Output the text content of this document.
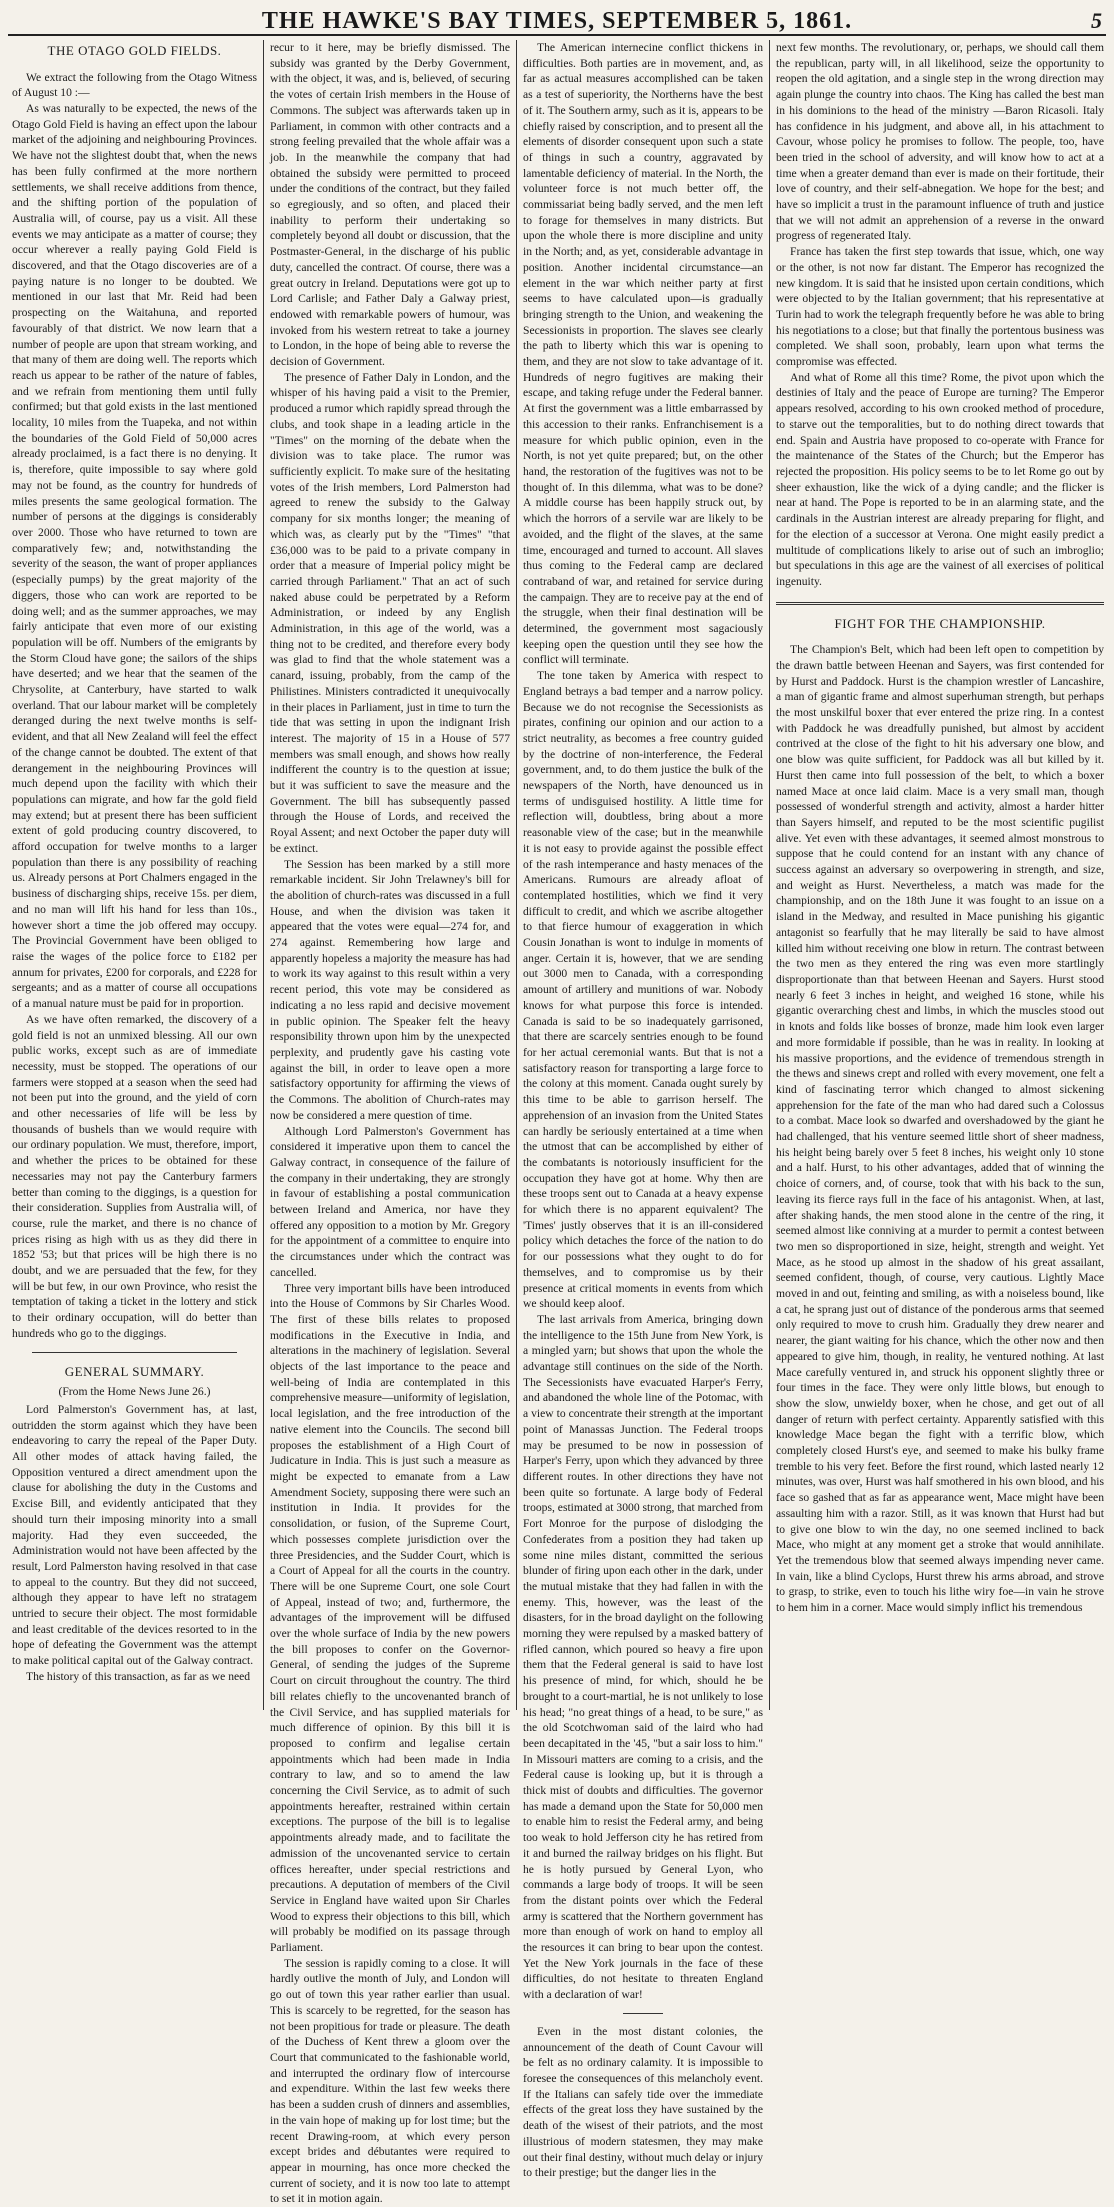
THE HAWKE'S BAY TIMES, SEPTEMBER 5, 1861.	5
THE OTAGO GOLD FIELDS.

We extract the following from the Otago Witness of August 10 :—

As was naturally to be expected, the news of the Otago Gold Field is having an effect upon the labour market of the adjoining and neighbouring Provinces. We have not the slightest doubt that, when the news has been fully confirmed at the more northern settlements, we shall receive additions from thence, and the shifting portion of the population of Australia will, of course, pay us a visit. All these events we may anticipate as a matter of course; they occur wherever a really paying Gold Field is discovered, and that the Otago discoveries are of a paying nature is no longer to be doubted. We mentioned in our last that Mr. Reid had been prospecting on the Waitahuna, and reported favourably of that district. We now learn that a number of people are upon that stream working, and that many of them are doing well. The reports which reach us appear to be rather of the nature of fables, and we refrain from mentioning them until fully confirmed; but that gold exists in the last mentioned locality, 10 miles from the Tuapeka, and not within the boundaries of the Gold Field of 50,000 acres already proclaimed, is a fact there is no denying. It is, therefore, quite impossible to say where gold may not be found, as the country for hundreds of miles presents the same geological formation. The number of persons at the diggings is considerably over 2000. Those who have returned to town are comparatively few; and, notwithstanding the severity of the season, the want of proper appliances (especially pumps) by the great majority of the diggers, those who can work are reported to be doing well; and as the summer approaches, we may fairly anticipate that even more of our existing population will be off. Numbers of the emigrants by the Storm Cloud have gone; the sailors of the ships have deserted; and we hear that the seamen of the Chrysolite, at Canterbury, have started to walk overland. That our labour market will be completely deranged during the next twelve months is self-evident, and that all New Zealand will feel the effect of the change cannot be doubted. The extent of that derangement in the neighbouring Provinces will much depend upon the facility with which their populations can migrate, and how far the gold field may extend; but at present there has been sufficient extent of gold producing country discovered, to afford occupation for twelve months to a larger population than there is any possibility of reaching us. Already persons at Port Chalmers engaged in the business of discharging ships, receive 15s. per diem, and no man will lift his hand for less than 10s., however short a time the job offered may occupy. The Provincial Government have been obliged to raise the wages of the police force to £182 per annum for privates, £200 for corporals, and £228 for sergeants; and as a matter of course all occupations of a manual nature must be paid for in proportion.

As we have often remarked, the discovery of a gold field is not an unmixed blessing. All our own public works, except such as are of immediate necessity, must be stopped. The operations of our farmers were stopped at a season when the seed had not been put into the ground, and the yield of corn and other necessaries of life will be less by thousands of bushels than we would require with our ordinary population. We must, therefore, import, and whether the prices to be obtained for these necessaries may not pay the Canterbury farmers better than coming to the diggings, is a question for their consideration. Supplies from Australia will, of course, rule the market, and there is no chance of prices rising as high with us as they did there in 1852 '53; but that prices will be high there is no doubt, and we are persuaded that the few, for they will be but few, in our own Province, who resist the temptation of taking a ticket in the lottery and stick to their ordinary occupation, will do better than hundreds who go to the diggings.

GENERAL SUMMARY.
(From the Home News June 26.)

Lord Palmerston's Government has, at last, outridden the storm against which they have been endeavoring to carry the repeal of the Paper Duty. All other modes of attack having failed, the Opposition ventured a direct amendment upon the clause for abolishing the duty in the Customs and Excise Bill, and evidently anticipated that they should turn their imposing minority into a small majority. Had they even succeeded, the Administration would not have been affected by the result, Lord Palmerston having resolved in that case to appeal to the country. But they did not succeed, although they appear to have left no stratagem untried to secure their object. The most formidable and least creditable of the devices resorted to in the hope of defeating the Government was the attempt to make political capital out of the Galway contract.

The history of this transaction, as far as we need

recur to it here, may be briefly dismissed. The subsidy was granted by the Derby Government, with the object, it was, and is, believed, of securing the votes of certain Irish members in the House of Commons. The subject was afterwards taken up in Parliament, in common with other contracts and a strong feeling prevailed that the whole affair was a job. In the meanwhile the company that had obtained the subsidy were permitted to proceed under the conditions of the contract, but they failed so egregiously, and so often, and placed their inability to perform their undertaking so completely beyond all doubt or discussion, that the Postmaster-General, in the discharge of his public duty, cancelled the contract. Of course, there was a great outcry in Ireland. Deputations were got up to Lord Carlisle; and Father Daly a Galway priest, endowed with remarkable powers of humour, was invoked from his western retreat to take a journey to London, in the hope of being able to reverse the decision of Government.

The presence of Father Daly in London, and the whisper of his having paid a visit to the Premier, produced a rumor which rapidly spread through the clubs, and took shape in a leading article in the "Times" on the morning of the debate when the division was to take place. The rumor was sufficiently explicit. To make sure of the hesitating votes of the Irish members, Lord Palmerston had agreed to renew the subsidy to the Galway company for six months longer; the meaning of which was, as clearly put by the "Times" "that £36,000 was to be paid to a private company in order that a measure of Imperial policy might be carried through Parliament." That an act of such naked abuse could be perpetrated by a Reform Administration, or indeed by any English Administration, in this age of the world, was a thing not to be credited, and therefore every body was glad to find that the whole statement was a canard, issuing, probably, from the camp of the Philistines. Ministers contradicted it unequivocally in their places in Parliament, just in time to turn the tide that was setting in upon the indignant Irish interest. The majority of 15 in a House of 577 members was small enough, and shows how really indifferent the country is to the question at issue; but it was sufficient to save the measure and the Government. The bill has subsequently passed through the House of Lords, and received the Royal Assent; and next October the paper duty will be extinct.

The Session has been marked by a still more remarkable incident. Sir John Trelawney's bill for the abolition of church-rates was discussed in a full House, and when the division was taken it appeared that the votes were equal—274 for, and 274 against. Remembering how large and apparently hopeless a majority the measure has had to work its way against to this result within a very recent period, this vote may be considered as indicating a no less rapid and decisive movement in public opinion. The Speaker felt the heavy responsibility thrown upon him by the unexpected perplexity, and prudently gave his casting vote against the bill, in order to leave open a more satisfactory opportunity for affirming the views of the Commons. The abolition of Church-rates may now be considered a mere question of time.

Although Lord Palmerston's Government has considered it imperative upon them to cancel the Galway contract, in consequence of the failure of the company in their undertaking, they are strongly in favour of establishing a postal communication between Ireland and America, nor have they offered any opposition to a motion by Mr. Gregory for the appointment of a committee to enquire into the circumstances under which the contract was cancelled.

Three very important bills have been introduced into the House of Commons by Sir Charles Wood. The first of these bills relates to proposed modifications in the Executive in India, and alterations in the machinery of legislation. Several objects of the last importance to the peace and well-being of India are contemplated in this comprehensive measure—uniformity of legislation, local legislation, and the free introduction of the native element into the Councils. The second bill proposes the establishment of a High Court of Judicature in India. This is just such a measure as might be expected to emanate from a Law Amendment Society, supposing there were such an institution in India. It provides for the consolidation, or fusion, of the Supreme Court, which possesses complete jurisdiction over the three Presidencies, and the Sudder Court, which is a Court of Appeal for all the courts in the country. There will be one Supreme Court, one sole Court of Appeal, instead of two; and, furthermore, the advantages of the improvement will be diffused over the whole surface of India by the new powers the bill proposes to confer on the Governor-General, of sending the judges of the Supreme Court on circuit throughout the country. The third bill relates chiefly to the uncovenanted branch of the Civil Service, and has supplied materials for much difference of opinion. By this bill it is proposed to confirm and legalise certain appointments which had been made in India contrary to law, and so to amend the law concerning the Civil Service, as to admit of such appointments hereafter, restrained within certain exceptions. The purpose of the bill is to legalise appointments already made, and to facilitate the admission of the uncovenanted service to certain offices hereafter, under special restrictions and precautions. A deputation of members of the Civil Service in England have waited upon Sir Charles Wood to express their objections to this bill, which will probably be modified on its passage through Parliament.

The session is rapidly coming to a close. It will hardly outlive the month of July, and London will go out of town this year rather earlier than usual. This is scarcely to be regretted, for the season has not been propitious for trade or pleasure. The death of the Duchess of Kent threw a gloom over the Court that communicated to the fashionable world, and interrupted the ordinary flow of intercourse and expenditure. Within the last few weeks there has been a sudden crush of dinners and assemblies, in the vain hope of making up for lost time; but the recent Drawing-room, at which every person except brides and débutantes were required to appear in mourning, has once more checked the current of society, and it is now too late to attempt to set it in motion again.

The American internecine conflict thickens in difficulties. Both parties are in movement, and, as far as actual measures accomplished can be taken as a test of superiority, the Northerns have the best of it. The Southern army, such as it is, appears to be chiefly raised by conscription, and to present all the elements of disorder consequent upon such a state of things in such a country, aggravated by lamentable deficiency of material. In the North, the volunteer force is not much better off, the commissariat being badly served, and the men left to forage for themselves in many districts. But upon the whole there is more discipline and unity in the North; and, as yet, considerable advantage in position. Another incidental circumstance—an element in the war which neither party at first seems to have calculated upon—is gradually bringing strength to the Union, and weakening the Secessionists in proportion. The slaves see clearly the path to liberty which this war is opening to them, and they are not slow to take advantage of it. Hundreds of negro fugitives are making their escape, and taking refuge under the Federal banner. At first the government was a little embarrassed by this accession to their ranks. Enfranchisement is a measure for which public opinion, even in the North, is not yet quite prepared; but, on the other hand, the restoration of the fugitives was not to be thought of. In this dilemma, what was to be done? A middle course has been happily struck out, by which the horrors of a servile war are likely to be avoided, and the flight of the slaves, at the same time, encouraged and turned to account. All slaves thus coming to the Federal camp are declared contraband of war, and retained for service during the campaign. They are to receive pay at the end of the struggle, when their final destination will be determined, the government most sagaciously keeping open the question until they see how the conflict will terminate.

The tone taken by America with respect to England betrays a bad temper and a narrow policy. Because we do not recognise the Secessionists as pirates, confining our opinion and our action to a strict neutrality, as becomes a free country guided by the doctrine of non-interference, the Federal government, and, to do them justice the bulk of the newspapers of the North, have denounced us in terms of undisguised hostility. A little time for reflection will, doubtless, bring about a more reasonable view of the case; but in the meanwhile it is not easy to provide against the possible effect of the rash intemperance and hasty menaces of the Americans. Rumours are already afloat of contemplated hostilities, which we find it very difficult to credit, and which we ascribe altogether to that fierce humour of exaggeration in which Cousin Jonathan is wont to indulge in moments of anger. Certain it is, however, that we are sending out 3000 men to Canada, with a corresponding amount of artillery and munitions of war. Nobody knows for what purpose this force is intended. Canada is said to be so inadequately garrisoned, that there are scarcely sentries enough to be found for her actual ceremonial wants. But that is not a satisfactory reason for transporting a large force to the colony at this moment. Canada ought surely by this time to be able to garrison herself. The apprehension of an invasion from the United States can hardly be seriously entertained at a time when the utmost that can be accomplished by either of the combatants is notoriously insufficient for the occupation they have got at home. Why then are these troops sent out to Canada at a heavy expense for which there is no apparent equivalent? The 'Times' justly observes that it is an ill-considered policy which detaches the force of the nation to do for our possessions what they ought to do for themselves, and to compromise us by their presence at critical moments in events from which we should keep aloof.

The last arrivals from America, bringing down the intelligence to the 15th June from New York, is a mingled yarn; but shows that upon the whole the advantage still continues on the side of the North. The Secessionists have evacuated Harper's Ferry, and abandoned the whole line of the Potomac, with a view to concentrate their strength at the important point of Manassas Junction. The Federal troops may be presumed to be now in possession of Harper's Ferry, upon which they advanced by three different routes. In other directions they have not been quite so fortunate. A large body of Federal troops, estimated at 3000 strong, that marched from Fort Monroe for the purpose of dislodging the Confederates from a position they had taken up some nine miles distant, committed the serious blunder of firing upon each other in the dark, under the mutual mistake that they had fallen in with the enemy. This, however, was the least of the disasters, for in the broad daylight on the following morning they were repulsed by a masked battery of rifled cannon, which poured so heavy a fire upon them that the Federal general is said to have lost his presence of mind, for which, should he be brought to a court-martial, he is not unlikely to lose his head; "no great things of a head, to be sure," as the old Scotchwoman said of the laird who had been decapitated in the '45, "but a sair loss to him." In Missouri matters are coming to a crisis, and the Federal cause is looking up, but it is through a thick mist of doubts and difficulties. The governor has made a demand upon the State for 50,000 men to enable him to resist the Federal army, and being too weak to hold Jefferson city he has retired from it and burned the railway bridges on his flight. But he is hotly pursued by General Lyon, who commands a large body of troops. It will be seen from the distant points over which the Federal army is scattered that the Northern government has more than enough of work on hand to employ all the resources it can bring to bear upon the contest. Yet the New York journals in the face of these difficulties, do not hesitate to threaten England with a declaration of war!

Even in the most distant colonies, the announcement of the death of Count Cavour will be felt as no ordinary calamity. It is impossible to foresee the consequences of this melancholy event. If the Italians can safely tide over the immediate effects of the great loss they have sustained by the death of the wisest of their patriots, and the most illustrious of modern statesmen, they may make out their final destiny, without much delay or injury to their prestige; but the danger lies in the

next few months. The revolutionary, or, perhaps, we should call them the republican, party will, in all likelihood, seize the opportunity to reopen the old agitation, and a single step in the wrong direction may again plunge the country into chaos. The King has called the best man in his dominions to the head of the ministry —Baron Ricasoli. Italy has confidence in his judgment, and above all, in his attachment to Cavour, whose policy he promises to follow. The people, too, have been tried in the school of adversity, and will know how to act at a time when a greater demand than ever is made on their fortitude, their love of country, and their self-abnegation. We hope for the best; and have so implicit a trust in the paramount influence of truth and justice that we will not admit an apprehension of a reverse in the onward progress of regenerated Italy.

France has taken the first step towards that issue, which, one way or the other, is not now far distant. The Emperor has recognized the new kingdom. It is said that he insisted upon certain conditions, which were objected to by the Italian government; that his representative at Turin had to work the telegraph frequently before he was able to bring his negotiations to a close; but that finally the portentous business was completed. We shall soon, probably, learn upon what terms the compromise was effected.

And what of Rome all this time? Rome, the pivot upon which the destinies of Italy and the peace of Europe are turning? The Emperor appears resolved, according to his own crooked method of procedure, to starve out the temporalities, but to do nothing direct towards that end. Spain and Austria have proposed to co-operate with France for the maintenance of the States of the Church; but the Emperor has rejected the proposition. His policy seems to be to let Rome go out by sheer exhaustion, like the wick of a dying candle; and the flicker is near at hand. The Pope is reported to be in an alarming state, and the cardinals in the Austrian interest are already preparing for flight, and for the election of a successor at Verona. One might easily predict a multitude of complications likely to arise out of such an imbroglio; but speculations in this age are the vainest of all exercises of political ingenuity.

FIGHT FOR THE CHAMPIONSHIP.

The Champion's Belt, which had been left open to competition by the drawn battle between Heenan and Sayers, was first contended for by Hurst and Paddock. Hurst is the champion wrestler of Lancashire, a man of gigantic frame and almost superhuman strength, but perhaps the most unskilful boxer that ever entered the prize ring. In a contest with Paddock he was dreadfully punished, but almost by accident contrived at the close of the fight to hit his adversary one blow, and one blow was quite sufficient, for Paddock was all but killed by it. Hurst then came into full possession of the belt, to which a boxer named Mace at once laid claim. Mace is a very small man, though possessed of wonderful strength and activity, almost a harder hitter than Sayers himself, and reputed to be the most scientific pugilist alive. Yet even with these advantages, it seemed almost monstrous to suppose that he could contend for an instant with any chance of success against an adversary so overpowering in strength, and size, and weight as Hurst. Nevertheless, a match was made for the championship, and on the 18th June it was fought to an issue on a island in the Medway, and resulted in Mace punishing his gigantic antagonist so fearfully that he may literally be said to have almost killed him without receiving one blow in return. The contrast between the two men as they entered the ring was even more startlingly disproportionate than that between Heenan and Sayers. Hurst stood nearly 6 feet 3 inches in height, and weighed 16 stone, while his gigantic overarching chest and limbs, in which the muscles stood out in knots and folds like bosses of bronze, made him look even larger and more formidable if possible, than he was in reality. In looking at his massive proportions, and the evidence of tremendous strength in the thews and sinews crept and rolled with every movement, one felt a kind of fascinating terror which changed to almost sickening apprehension for the fate of the man who had dared such a Colossus to a combat. Mace look so dwarfed and overshadowed by the giant he had challenged, that his venture seemed little short of sheer madness, his height being barely over 5 feet 8 inches, his weight only 10 stone and a half. Hurst, to his other advantages, added that of winning the choice of corners, and, of course, took that with his back to the sun, leaving its fierce rays full in the face of his antagonist. When, at last, after shaking hands, the men stood alone in the centre of the ring, it seemed almost like conniving at a murder to permit a contest between two men so disproportioned in size, height, strength and weight. Yet Mace, as he stood up almost in the shadow of his great assailant, seemed confident, though, of course, very cautious. Lightly Mace moved in and out, feinting and smiling, as with a noiseless bound, like a cat, he sprang just out of distance of the ponderous arms that seemed only required to move to crush him. Gradually they drew nearer and nearer, the giant waiting for his chance, which the other now and then appeared to give him, though, in reality, he ventured nothing. At last Mace carefully ventured in, and struck his opponent slightly three or four times in the face. They were only little blows, but enough to show the slow, unwieldy boxer, when he chose, and get out of all danger of return with perfect certainty. Apparently satisfied with this knowledge Mace began the fight with a terrific blow, which completely closed Hurst's eye, and seemed to make his bulky frame tremble to his very feet. Before the first round, which lasted nearly 12 minutes, was over, Hurst was half smothered in his own blood, and his face so gashed that as far as appearance went, Mace might have been assaulting him with a razor. Still, as it was known that Hurst had but to give one blow to win the day, no one seemed inclined to back Mace, who might at any moment get a stroke that would annihilate. Yet the tremendous blow that seemed always impending never came. In vain, like a blind Cyclops, Hurst threw his arms abroad, and strove to grasp, to strike, even to touch his lithe wiry foe—in vain he strove to hem him in a corner. Mace would simply inflict his tremendous
